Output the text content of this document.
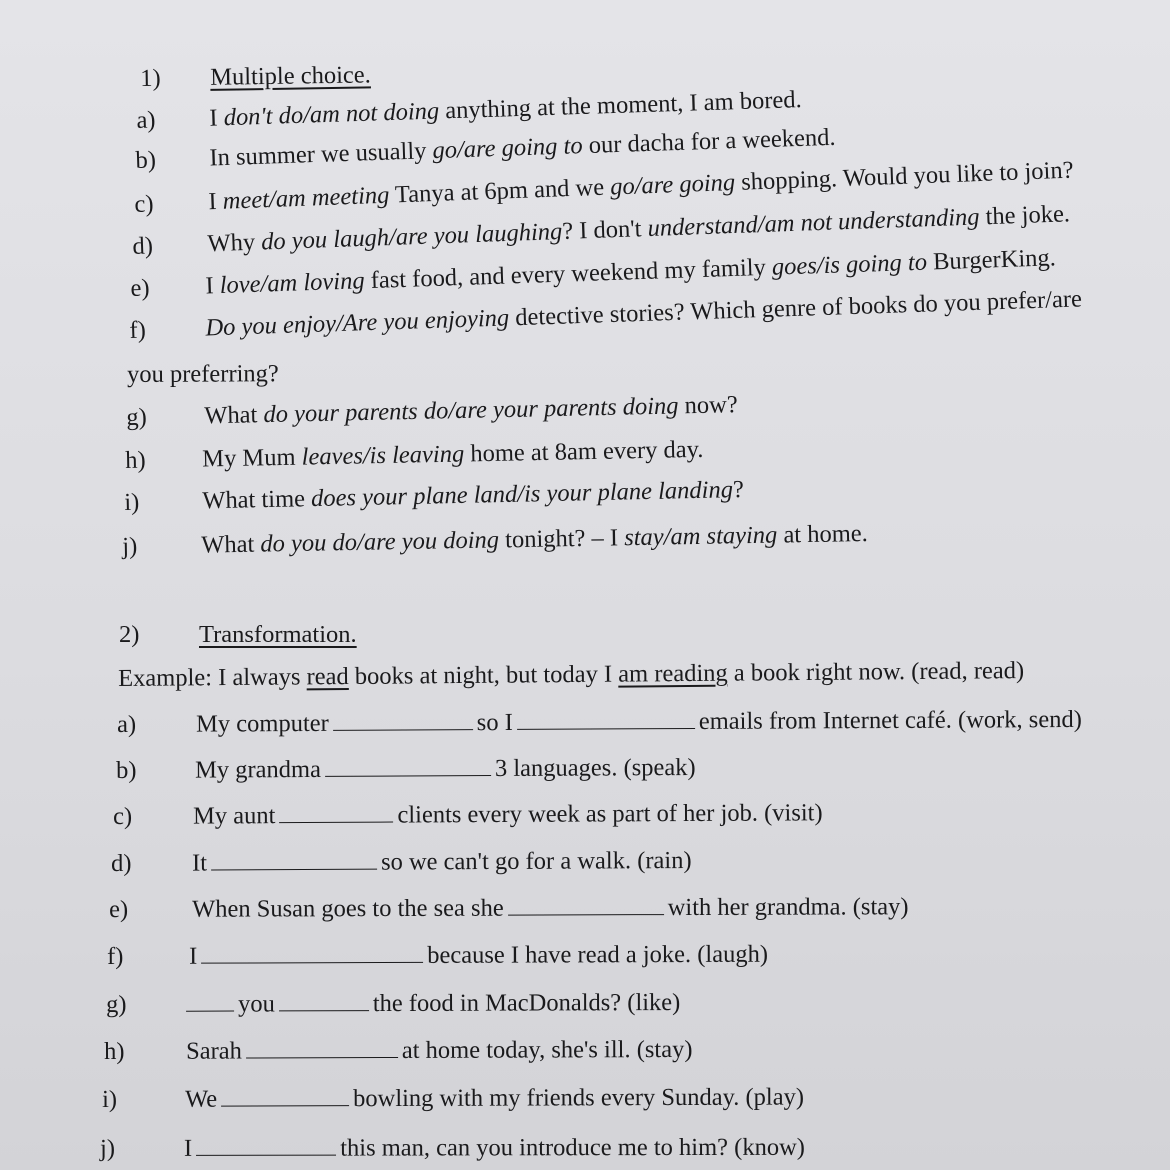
1) Multiple choice.
a) I don't do/am not doing anything at the moment, I am bored.
b) In summer we usually go/are going to our dacha for a weekend.
c) I meet/am meeting Tanya at 6pm and we go/are going shopping. Would you like to join?
d) Why do you laugh/are you laughing? I don't understand/am not understanding the joke.
e) I love/am loving fast food, and every weekend my family goes/is going to BurgerKing.
f) Do you enjoy/Are you enjoying detective stories? Which genre of books do you prefer/are
you preferring?
g) What do your parents do/are your parents doing now?
h) My Mum leaves/is leaving home at 8am every day.
i)	What time does your plane land/is your plane landing?
j)	What do you do/are you doing tonight? – I stay/am staying at home.
2) Transformation.
Example: I always read books at night, but today I am reading a book right now. (read, read)
a) My computer	so I	emails from Internet café. (work, send)
b) My grandma	3 languages. (speak)
c) My aunt	clients every week as part of her job. (visit)
d) It	so we can't go for a walk. (rain)
e)	When Susan goes to the sea she	with her grandma. (stay)
f)	I	because I have read a joke. (laugh)
g)	you	the food in MacDonalds? (like)
h)	Sarah	at home today, she's ill. (stay)
i)	We	bowling with my friends every Sunday. (play)
j)	I	this man, can you introduce me to him? (know)
